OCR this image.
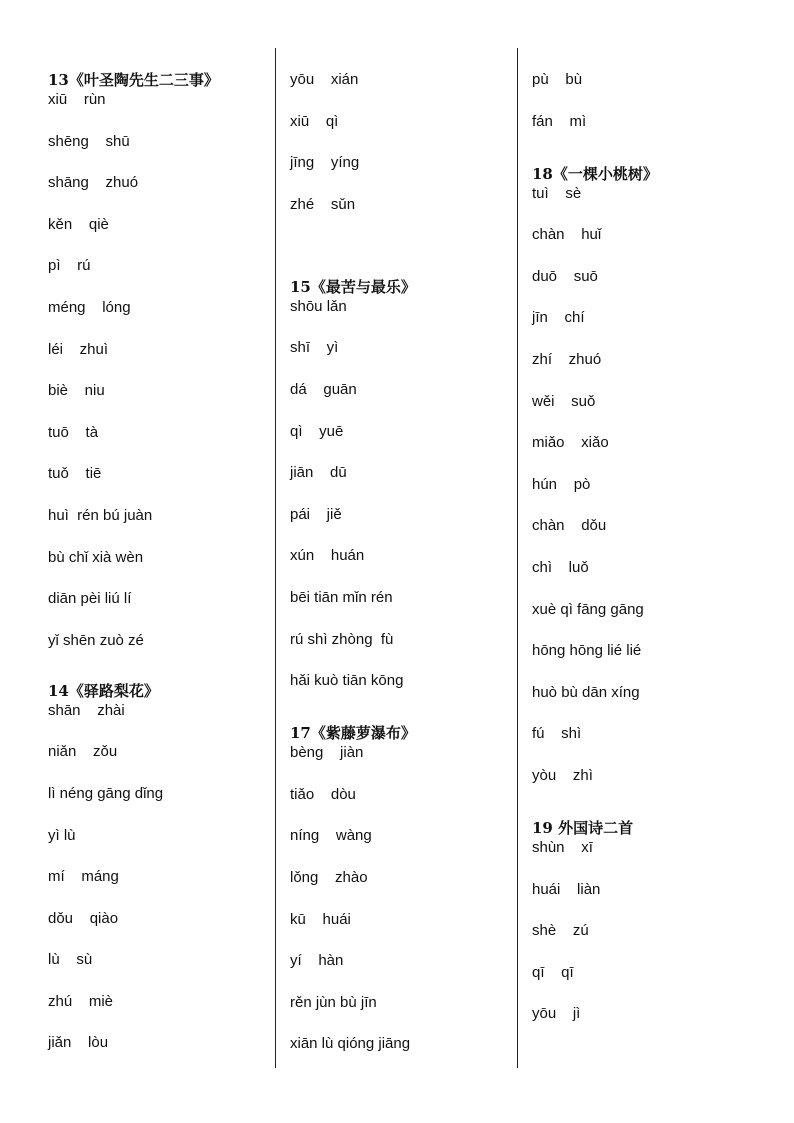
13《叶圣陶先生二三事》
xiū    rùn
shēng    shū
shāng    zhuó
kěn    qiè
pì    rú
méng    lóng
léi    zhuì
biè    niu
tuō    tà
tuǒ    tiē
huì  rén bú juàn
bù chǐ xià wèn
diān pèi liú lí
yǐ shēn zuò zé
14《驿路梨花》
shān    zhài
niǎn    zǒu
lì néng gāng dǐng
yì lù
mí    máng
dǒu    qiào
lù    sù
zhú    miè
jiǎn    lòu
yōu    xián
xiū    qì
jīng    yíng
zhé    sǔn
15《最苦与最乐》
shōu lǎn
shī    yì
dá    guān
qì    yuē
jiān    dū
pái    jiě
xún    huán
bēi tiān mǐn rén
rú shì zhòng  fù
hǎi kuò tiān kōng
17《紫藤萝瀑布》
bèng    jiàn
tiǎo    dòu
níng    wàng
lǒng    zhào
kū    huái
yí    hàn
rěn jùn bù jīn
xiān lù qióng jiāng
pù    bù
fán    mì
18《一棵小桃树》
tuì    sè
chàn    huǐ
duō    suō
jīn    chí
zhí    zhuó
wěi    suǒ
miǎo    xiǎo
hún    pò
chàn    dǒu
chì    luǒ
xuè qì fāng gāng
hōng hōng lié lié
huò bù dān xíng
fú    shì
yòu    zhì
19 外国诗二首
shùn    xī
huái    liàn
shè    zú
qī    qī
yōu    jì
